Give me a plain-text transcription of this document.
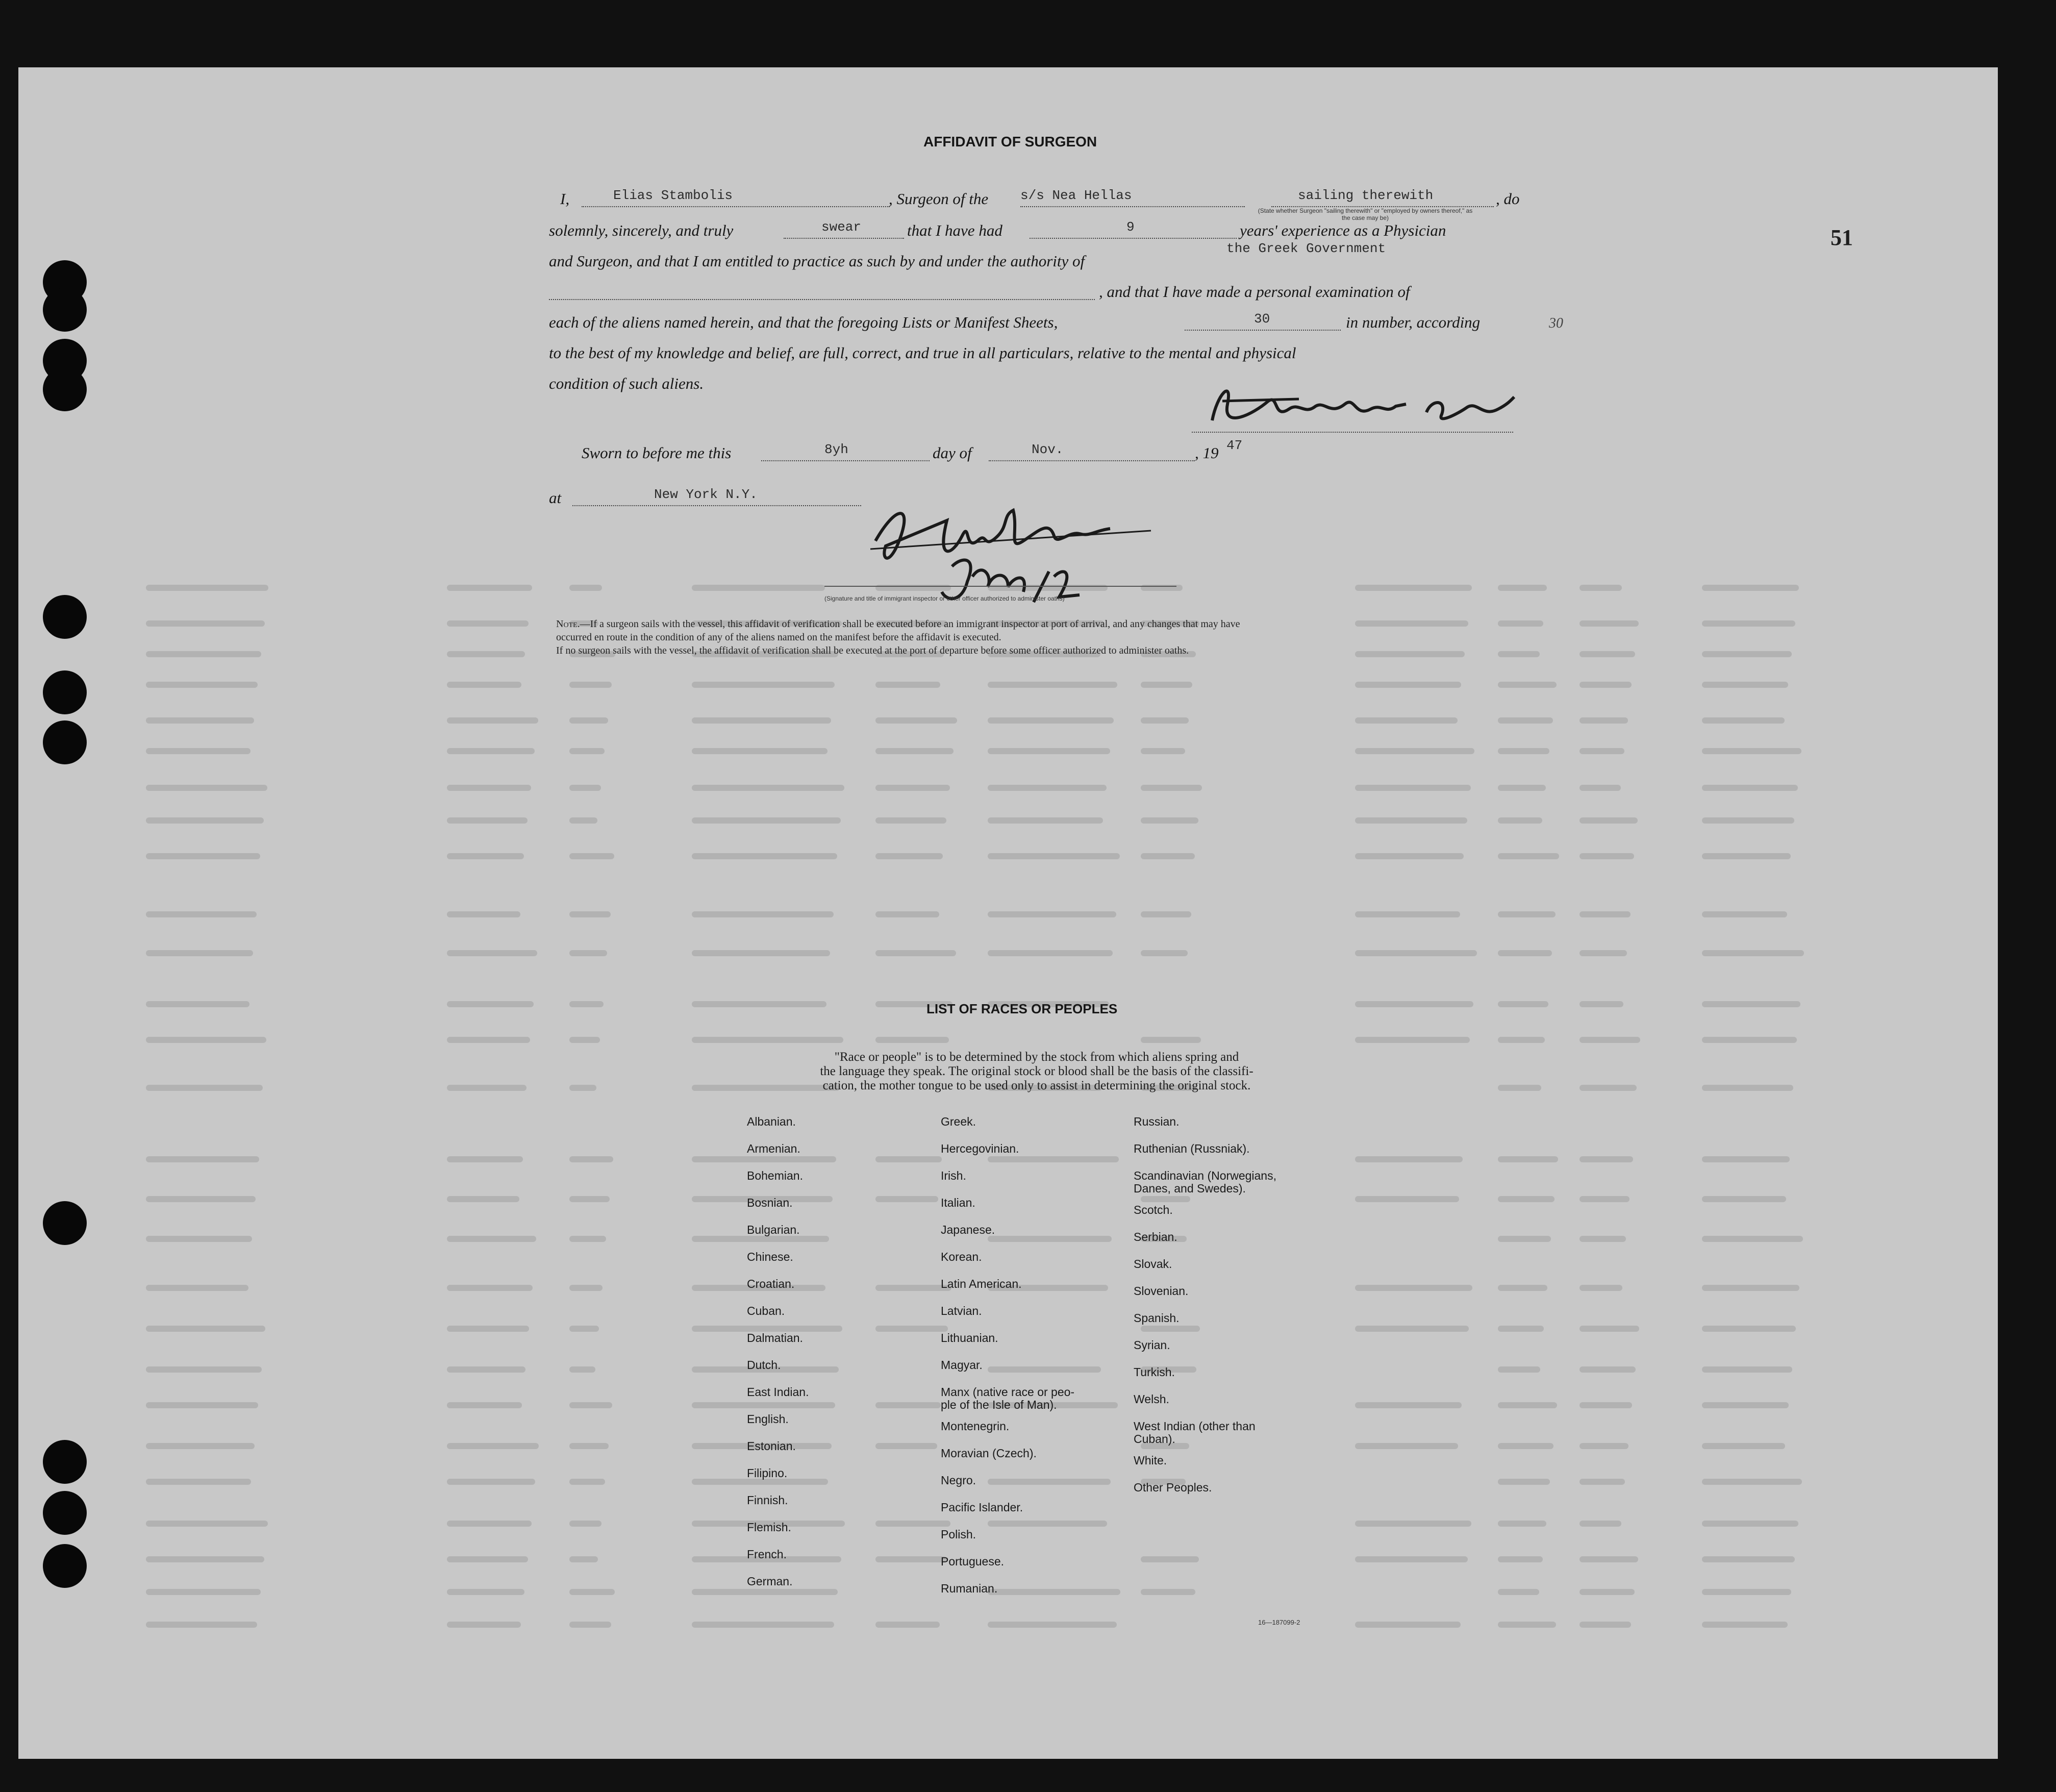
51
AFFIDAVIT OF SURGEON
I,	Elias Stambolis	, Surgeon of the s/s Nea Hellas	sailing therewith	, do
(State whether Surgeon "sailing therewith" or "employed by owners thereof," as the case may be)
solemnly, sincerely, and truly	swear	that I have had	9	years' experience as a Physician
and Surgeon, and that I am entitled to practice as such by and under the authority of
the Greek Government
, and that I have made a personal examination of
each of the aliens named herein, and that the foregoing Lists or Manifest Sheets,	30	in number, according	30
to the best of my knowledge and belief, are full, correct, and true in all particulars, relative to the mental and physical
condition of such aliens.
Sworn to before me this	8yh	day of	Nov.	, 19 47
at	New York N.Y.
(Signature and title of immigrant inspector or other officer authorized to administer oaths)
Note.—If a surgeon sails with the vessel, this affidavit of verification shall be executed before an immigrant inspector at port of arrival, and any changes that may have
occurred en route in the condition of any of the aliens named on the manifest before the affidavit is executed.
If no surgeon sails with the vessel, the affidavit of verification shall be executed at the port of departure before some officer authorized to administer oaths.
LIST OF RACES OR PEOPLES
"Race or people" is to be determined by the stock from which aliens spring and
the language they speak. The original stock or blood shall be the basis of the classifi-
cation, the mother tongue to be used only to assist in determining the original stock.
Albanian.
Armenian.
Bohemian.
Bosnian.
Bulgarian.
Chinese.
Croatian.
Cuban.
Dalmatian.
Dutch.
East Indian.
English.
Estonian.
Filipino.
Finnish.
Flemish.
French.
German.
Greek.
Hercegovinian.
Irish.
Italian.
Japanese.
Korean.
Latin American.
Latvian.
Lithuanian.
Magyar.
Manx (native race or peo-
ple of the Isle of Man).
Montenegrin.
Moravian (Czech).
Negro.
Pacific Islander.
Polish.
Portuguese.
Rumanian.
Russian.
Ruthenian (Russniak).
Scandinavian (Norwegians,
Danes, and Swedes).
Scotch.
Serbian.
Slovak.
Slovenian.
Spanish.
Syrian.
Turkish.
Welsh.
West Indian (other than
Cuban).
White.
Other Peoples.
16—187099-2
